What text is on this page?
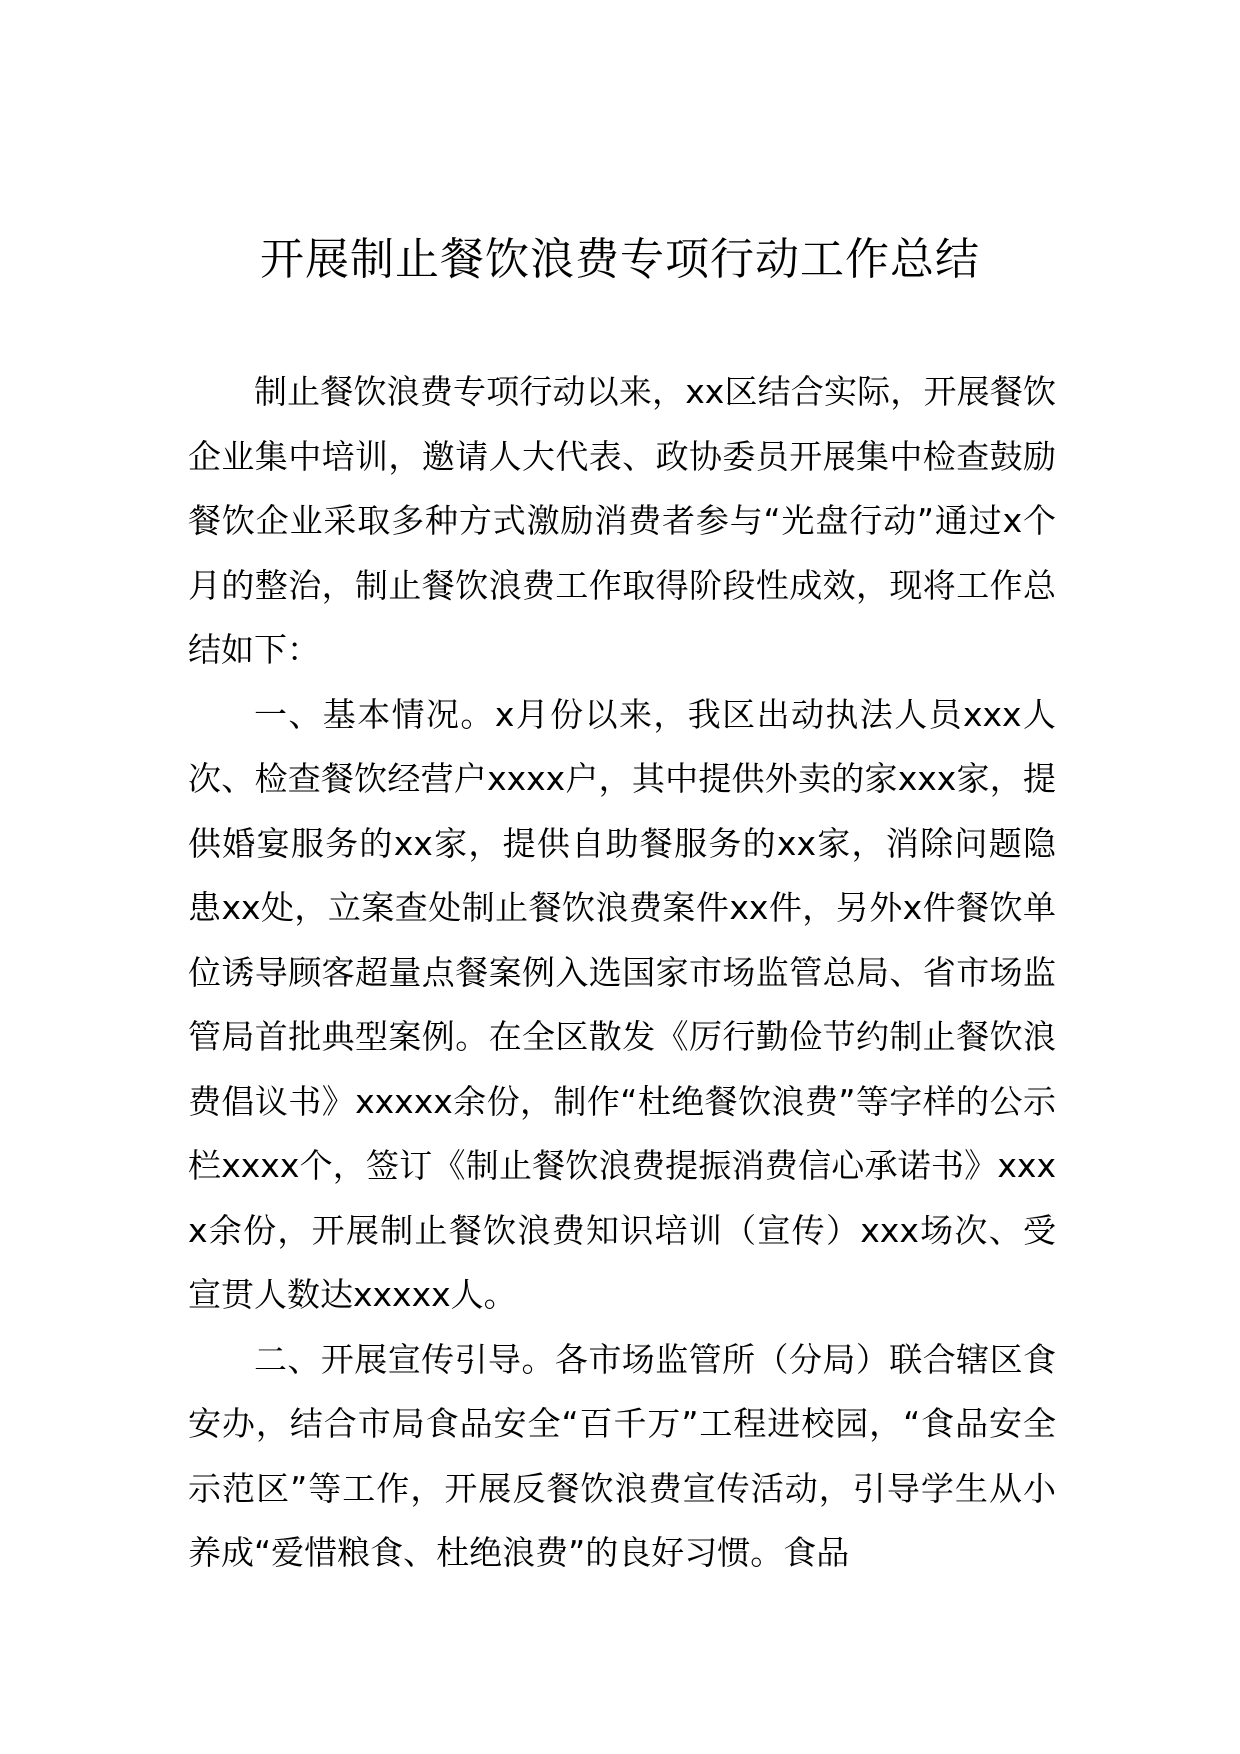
开展制止餐饮浪费专项行动工作总结

制止餐饮浪费专项行动以来，xx区结合实际，开展餐饮企业集中培训，邀请人大代表、政协委员开展集中检查鼓励餐饮企业采取多种方式激励消费者参与“光盘行动”通过x个月的整治，制止餐饮浪费工作取得阶段性成效，现将工作总结如下：

一、基本情况。x月份以来，我区出动执法人员xxx人次、检查餐饮经营户xxxx户，其中提供外卖的家xxx家，提供婚宴服务的xx家，提供自助餐服务的xx家，消除问题隐患xx处，立案查处制止餐饮浪费案件xx件，另外x件餐饮单位诱导顾客超量点餐案例入选国家市场监管总局、省市场监管局首批典型案例。在全区散发《厉行勤俭节约制止餐饮浪费倡议书》xxxxx余份，制作“杜绝餐饮浪费”等字样的公示栏xxxx个，签订《制止餐饮浪费提振消费信心承诺书》xxxx余份，开展制止餐饮浪费知识培训（宣传）xxx场次、受宣贯人数达xxxxx人。

二、开展宣传引导。各市场监管所（分局）联合辖区食安办，结合市局食品安全“百千万”工程进校园，“食品安全示范区”等工作，开展反餐饮浪费宣传活动，引导学生从小养成“爱惜粮食、杜绝浪费”的良好习惯。食品
